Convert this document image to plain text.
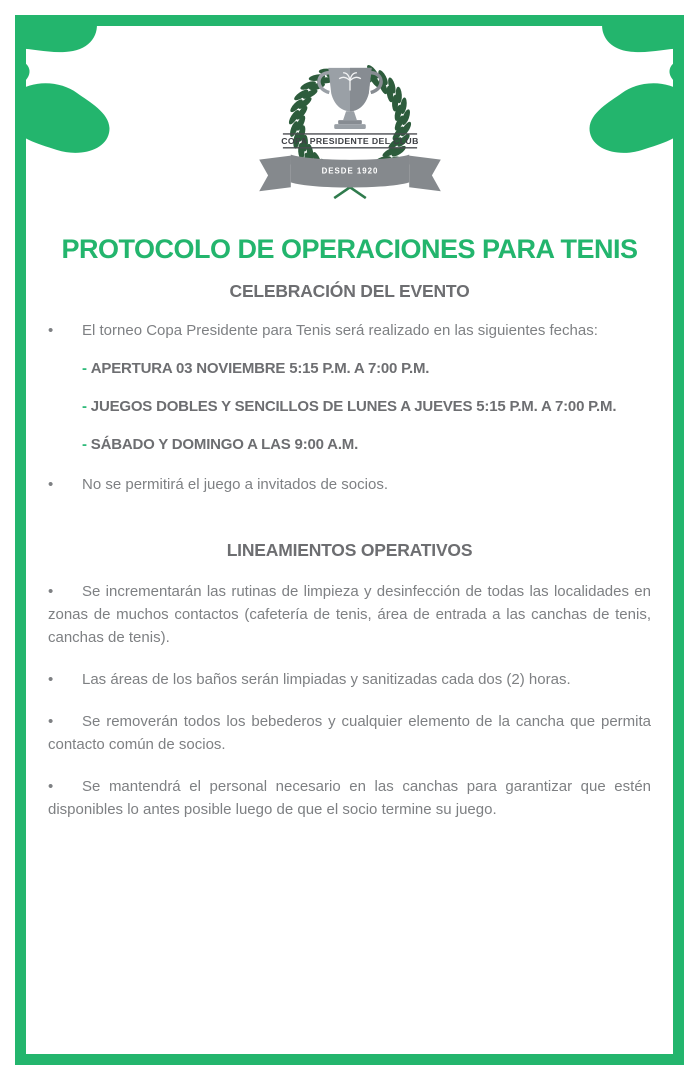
COPA PRESIDENTE DEL CLUB
DESDE 1920
PROTOCOLO DE OPERACIONES PARA TENIS
CELEBRACIÓN DEL EVENTO

• El torneo Copa Presidente para Tenis será realizado en las siguientes fechas:

- APERTURA 03 NOVIEMBRE 5:15 P.M. A 7:00 P.M.

- JUEGOS DOBLES Y SENCILLOS DE LUNES A JUEVES 5:15 P.M. A 7:00 P.M.

- SÁBADO Y DOMINGO A LAS 9:00 A.M.

• No se permitirá el juego a invitados de socios.

LINEAMIENTOS OPERATIVOS

• Se incrementarán las rutinas de limpieza y desinfección de todas las localidades en zonas de muchos contactos (cafetería de tenis, área de entrada a las canchas de tenis, canchas de tenis).

• Las áreas de los baños serán limpiadas y sanitizadas cada dos (2) horas.

• Se removerán todos los bebederos y cualquier elemento de la cancha que permita contacto común de socios.

• Se mantendrá el personal necesario en las canchas para garantizar que estén disponibles lo antes posible luego de que el socio termine su juego.
